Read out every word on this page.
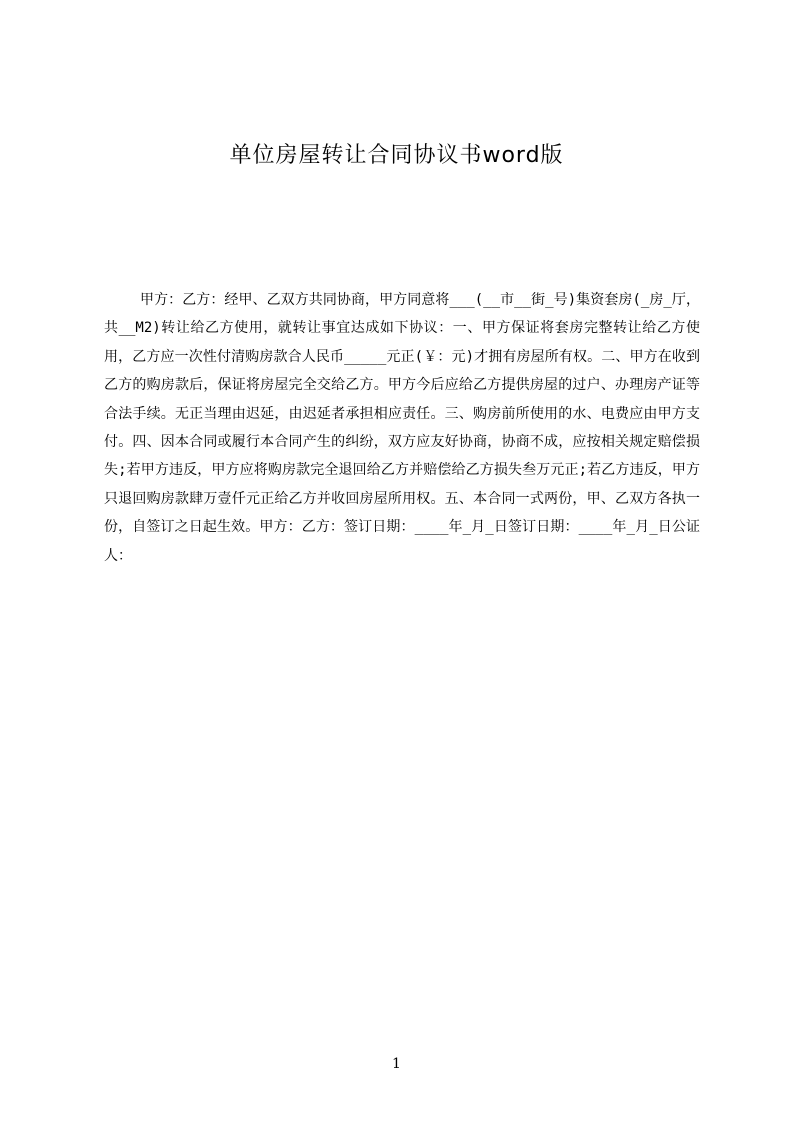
单位房屋转让合同协议书word版

甲方：乙方：经甲、乙双方共同协商，甲方同意将___(__市__街_号)集资套房(_房_厅，共__M2)转让给乙方使用，就转让事宜达成如下协议：一、甲方保证将套房完整转让给乙方使用，乙方应一次性付清购房款合人民币_____元正(￥：元)才拥有房屋所有权。二、甲方在收到乙方的购房款后，保证将房屋完全交给乙方。甲方今后应给乙方提供房屋的过户、办理房产证等合法手续。无正当理由迟延，由迟延者承担相应责任。三、购房前所使用的水、电费应由甲方支付。四、因本合同或履行本合同产生的纠纷，双方应友好协商，协商不成，应按相关规定赔偿损失;若甲方违反，甲方应将购房款完全退回给乙方并赔偿给乙方损失叁万元正;若乙方违反，甲方只退回购房款肆万壹仟元正给乙方并收回房屋所用权。五、本合同一式两份，甲、乙双方各执一份，自签订之日起生效。甲方：乙方：签订日期：____年_月_日签订日期：____年_月_日公证人：

1
